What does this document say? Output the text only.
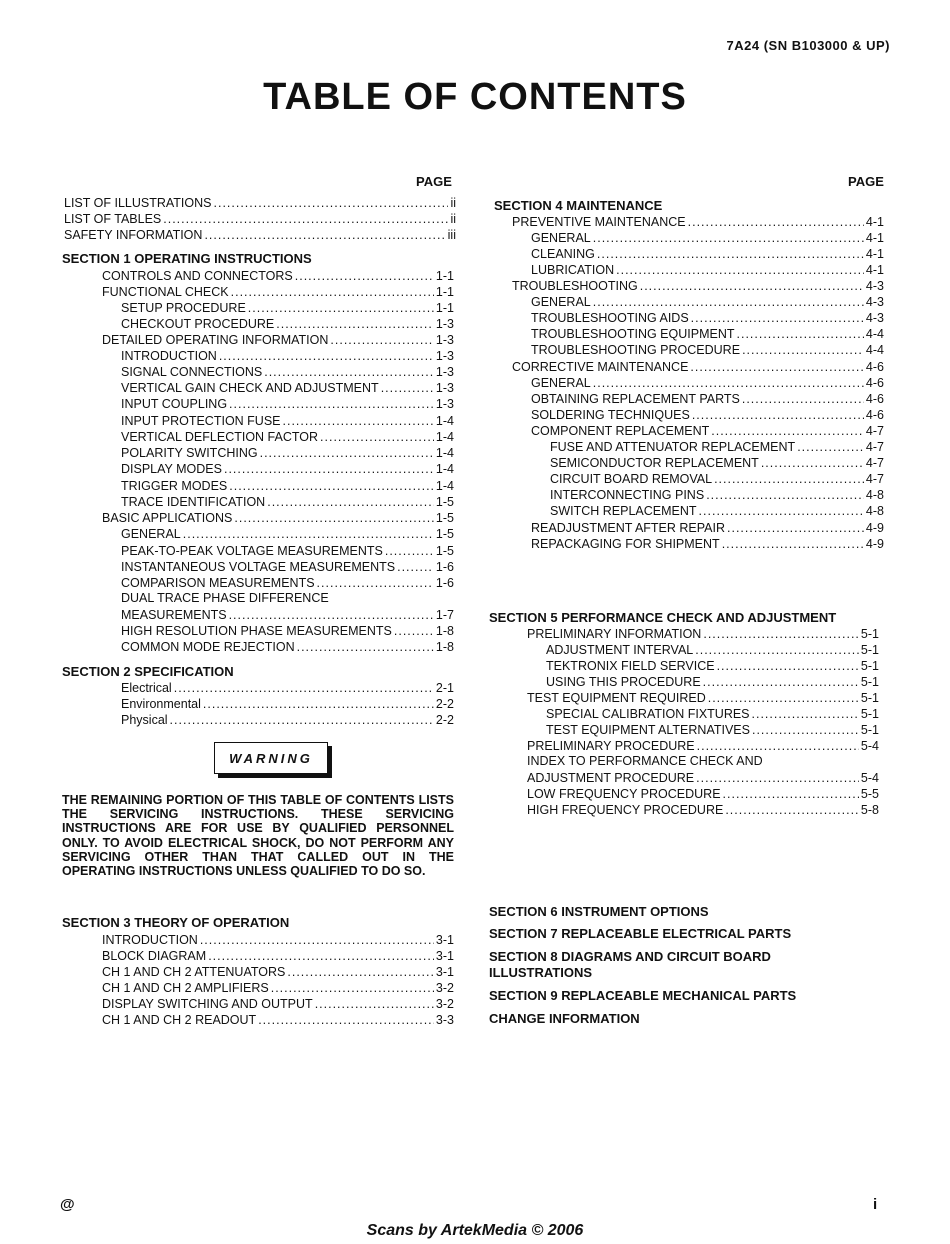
7A24 (SN B103000 & UP)
TABLE OF CONTENTS
PAGE
LIST OF ILLUSTRATIONS .....	ii
LIST OF TABLES .....	ii
SAFETY INFORMATION .....	iii
SECTION 1 OPERATING INSTRUCTIONS
CONTROLS AND CONNECTORS .....	1-1
FUNCTIONAL CHECK .....	1-1
SETUP PROCEDURE .....	1-1
CHECKOUT PROCEDURE .....	1-3
DETAILED OPERATING INFORMATION .....	1-3
INTRODUCTION .....	1-3
SIGNAL CONNECTIONS .....	1-3
VERTICAL GAIN CHECK AND ADJUSTMENT .....	1-3
INPUT COUPLING .....	1-3
INPUT PROTECTION FUSE .....	1-4
VERTICAL DEFLECTION FACTOR .....	1-4
POLARITY SWITCHING .....	1-4
DISPLAY MODES .....	1-4
TRIGGER MODES .....	1-4
TRACE IDENTIFICATION .....	1-5
BASIC APPLICATIONS .....	1-5
GENERAL .....	1-5
PEAK-TO-PEAK VOLTAGE MEASUREMENTS .....	1-5
INSTANTANEOUS VOLTAGE MEASUREMENTS .....	1-6
COMPARISON MEASUREMENTS .....	1-6
DUAL TRACE PHASE DIFFERENCE
MEASUREMENTS .....	1-7
HIGH RESOLUTION PHASE MEASUREMENTS .....	1-8
COMMON MODE REJECTION .....	1-8
SECTION 2 SPECIFICATION
Electrical .....	2-1
Environmental .....	2-2
Physical .....	2-2
WARNING
THE REMAINING PORTION OF THIS TABLE OF CONTENTS LISTS THE SERVICING INSTRUCTIONS. THESE SERVICING INSTRUCTIONS ARE FOR USE BY QUALIFIED PERSONNEL ONLY. TO AVOID ELECTRICAL SHOCK, DO NOT PERFORM ANY SERVICING OTHER THAN THAT CALLED OUT IN THE OPERATING INSTRUCTIONS UNLESS QUALIFIED TO DO SO.
SECTION 3 THEORY OF OPERATION
INTRODUCTION .....	3-1
BLOCK DIAGRAM .....	3-1
CH 1 AND CH 2 ATTENUATORS .....	3-1
CH 1 AND CH 2 AMPLIFIERS .....	3-2
DISPLAY SWITCHING AND OUTPUT .....	3-2
CH 1 AND CH 2 READOUT .....	3-3
PAGE
SECTION 4 MAINTENANCE
PREVENTIVE MAINTENANCE .....	4-1
GENERAL .....	4-1
CLEANING .....	4-1
LUBRICATION .....	4-1
TROUBLESHOOTING .....	4-3
GENERAL .....	4-3
TROUBLESHOOTING AIDS .....	4-3
TROUBLESHOOTING EQUIPMENT .....	4-4
TROUBLESHOOTING PROCEDURE .....	4-4
CORRECTIVE MAINTENANCE .....	4-6
GENERAL .....	4-6
OBTAINING REPLACEMENT PARTS .....	4-6
SOLDERING TECHNIQUES .....	4-6
COMPONENT REPLACEMENT .....	4-7
FUSE AND ATTENUATOR REPLACEMENT .....	4-7
SEMICONDUCTOR REPLACEMENT .....	4-7
CIRCUIT BOARD REMOVAL .....	4-7
INTERCONNECTING PINS .....	4-8
SWITCH REPLACEMENT .....	4-8
READJUSTMENT AFTER REPAIR .....	4-9
REPACKAGING FOR SHIPMENT .....	4-9
SECTION 5 PERFORMANCE CHECK AND ADJUSTMENT
PRELIMINARY INFORMATION .....	5-1
ADJUSTMENT INTERVAL .....	5-1
TEKTRONIX FIELD SERVICE .....	5-1
USING THIS PROCEDURE .....	5-1
TEST EQUIPMENT REQUIRED .....	5-1
SPECIAL CALIBRATION FIXTURES .....	5-1
TEST EQUIPMENT ALTERNATIVES .....	5-1
PRELIMINARY PROCEDURE .....	5-4
INDEX TO PERFORMANCE CHECK AND
ADJUSTMENT PROCEDURE .....	5-4
LOW FREQUENCY PROCEDURE .....	5-5
HIGH FREQUENCY PROCEDURE .....	5-8
SECTION 6 INSTRUMENT OPTIONS
SECTION 7 REPLACEABLE ELECTRICAL PARTS
SECTION 8 DIAGRAMS AND CIRCUIT BOARD
ILLUSTRATIONS
SECTION 9 REPLACEABLE MECHANICAL PARTS
CHANGE INFORMATION
@	i
Scans by ArtekMedia © 2006
